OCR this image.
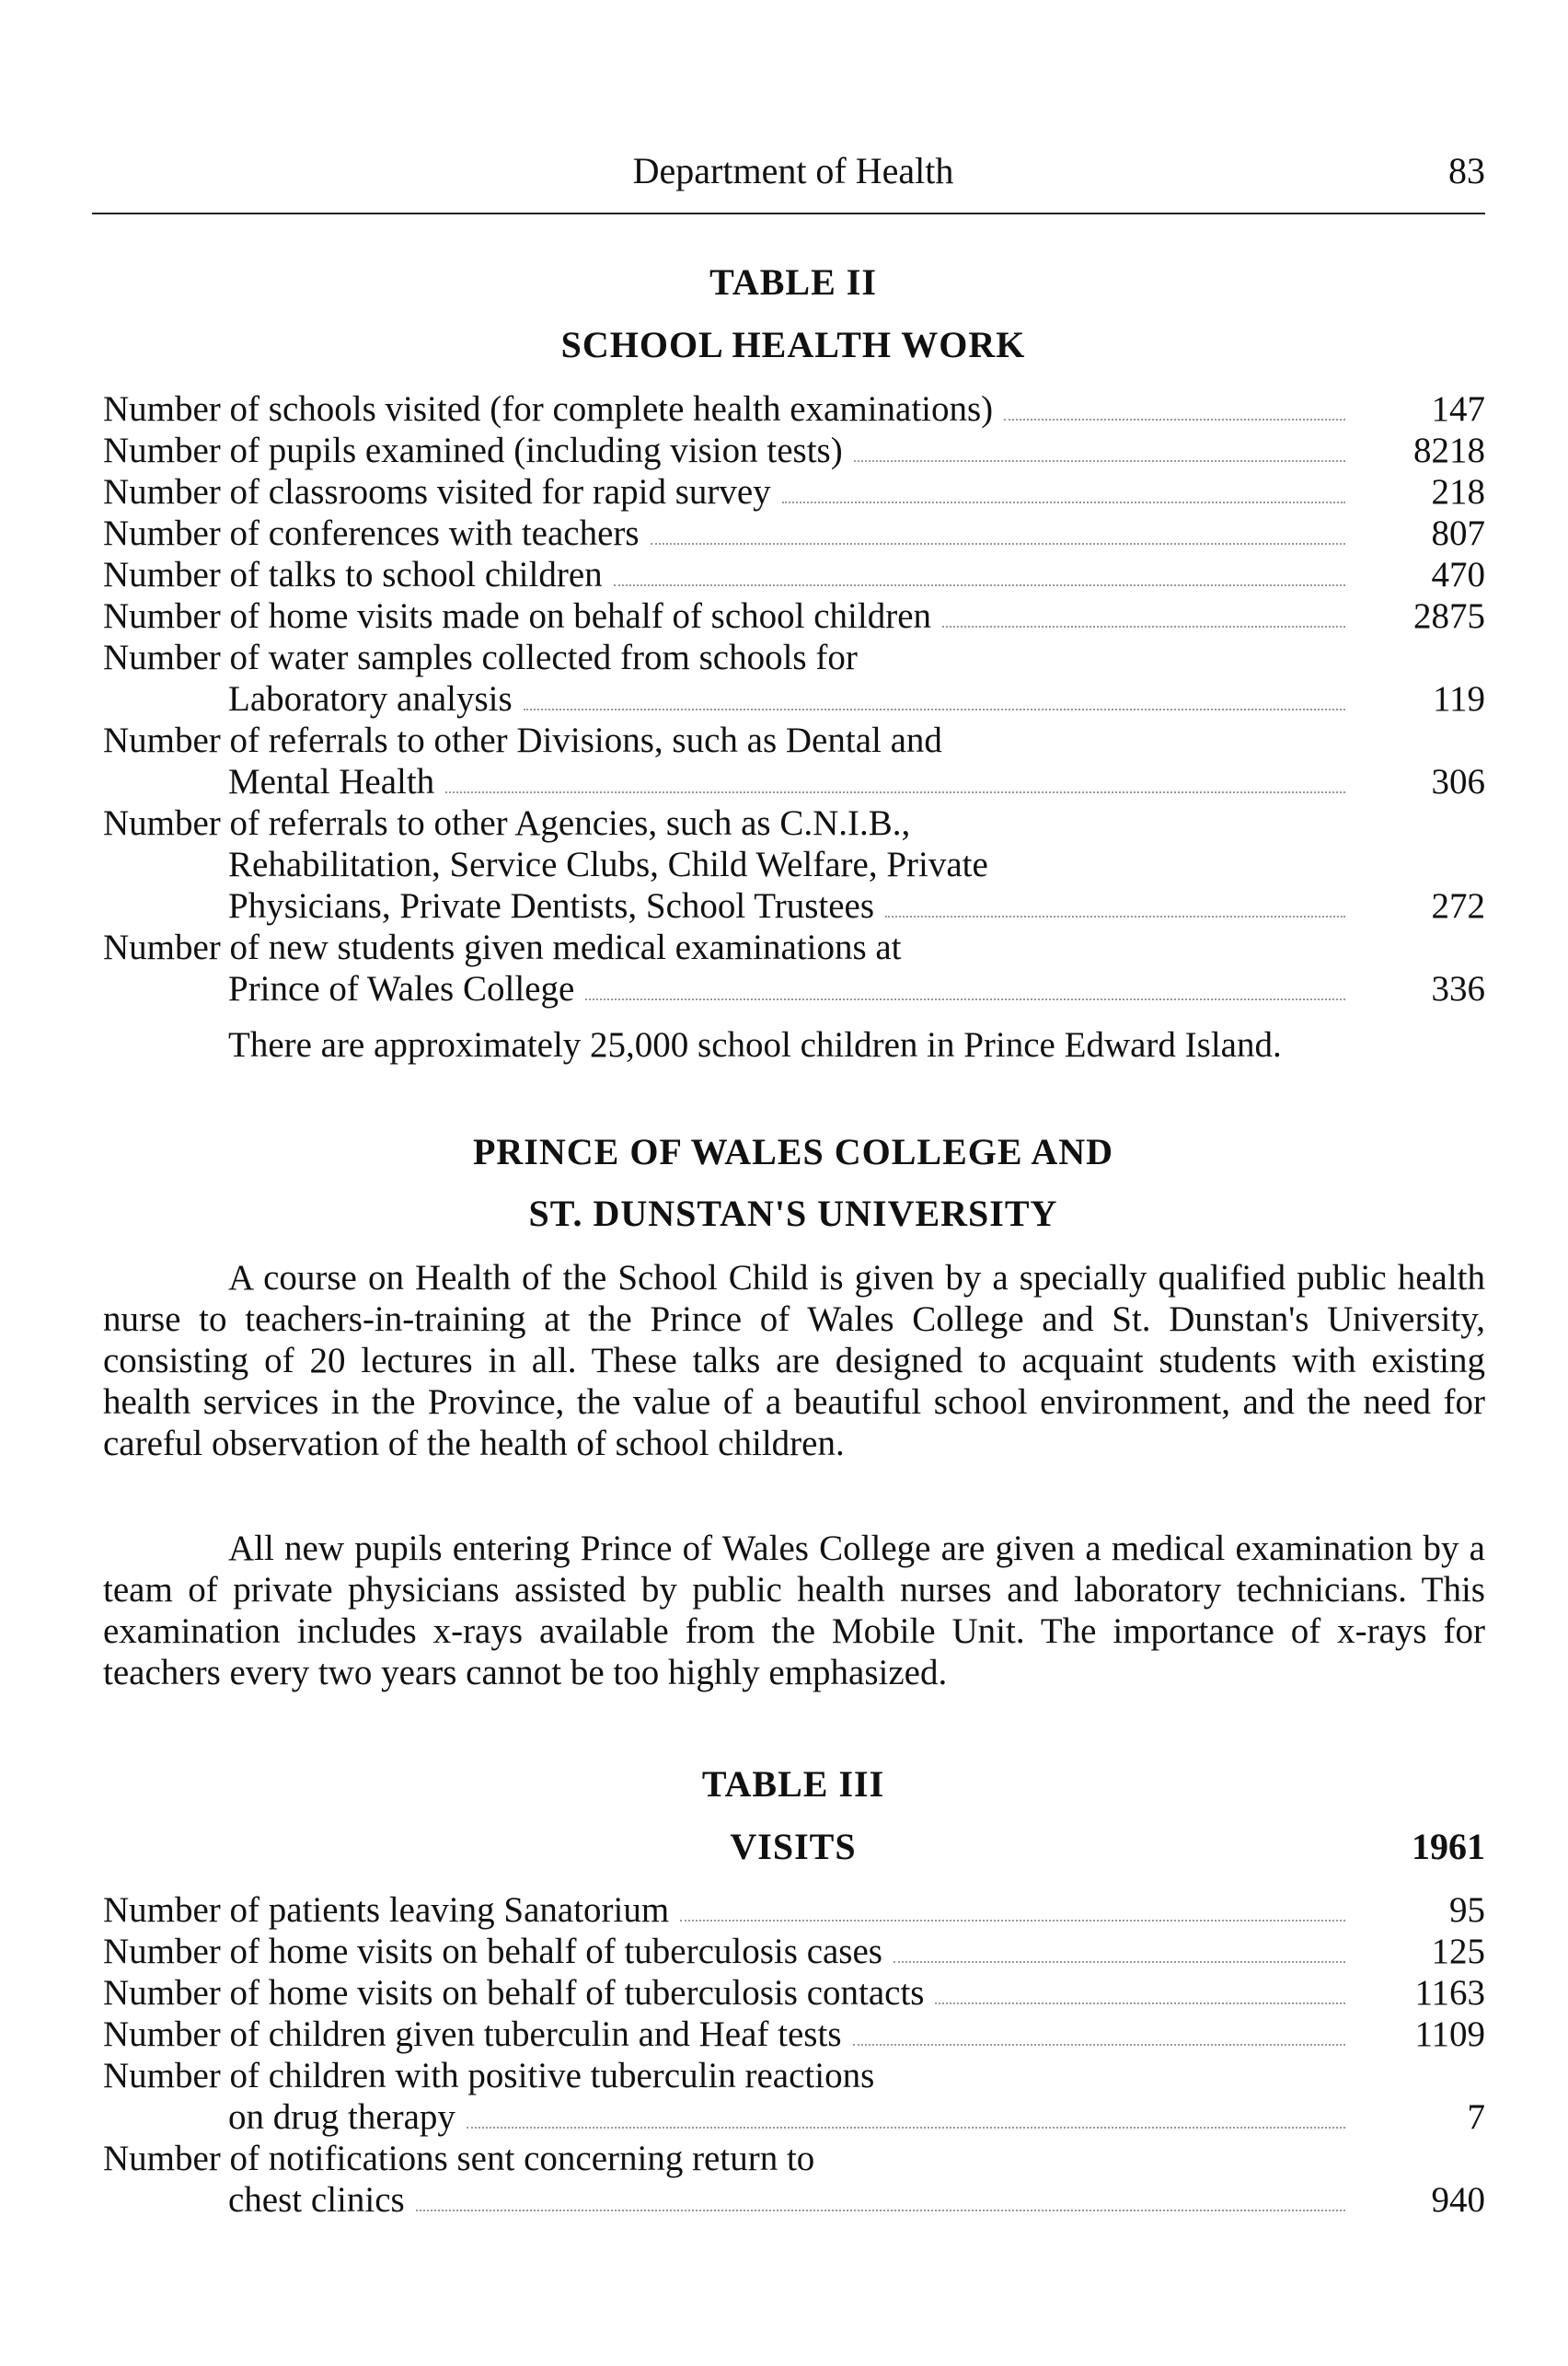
Department of Health	83
TABLE II
SCHOOL HEALTH WORK
Number of schools visited (for complete health examinations)	147
Number of pupils examined (including vision tests)	8218
Number of classrooms visited for rapid survey	218
Number of conferences with teachers	807
Number of talks to school children	470
Number of home visits made on behalf of school children	2875
Number of water samples collected from schools for
Laboratory analysis	119
Number of referrals to other Divisions, such as Dental and
Mental Health	306
Number of referrals to other Agencies, such as C.N.I.B.,
Rehabilitation, Service Clubs, Child Welfare, Private
Physicians, Private Dentists, School Trustees	272
Number of new students given medical examinations at
Prince of Wales College	336
There are approximately 25,000 school children in Prince Edward Island.
PRINCE OF WALES COLLEGE AND
ST. DUNSTAN'S UNIVERSITY
A course on Health of the School Child is given by a specially qualified public health nurse to teachers-in-training at the Prince of Wales College and St. Dunstan's University, consisting of 20 lectures in all. These talks are designed to acquaint students with existing health services in the Province, the value of a beautiful school environment, and the need for careful observation of the health of school children.
All new pupils entering Prince of Wales College are given a medical examination by a team of private physicians assisted by public health nurses and laboratory technicians. This examination includes x-rays available from the Mobile Unit. The importance of x-rays for teachers every two years cannot be too highly emphasized.
TABLE III
VISITS	1961
Number of patients leaving Sanatorium	95
Number of home visits on behalf of tuberculosis cases	125
Number of home visits on behalf of tuberculosis contacts	1163
Number of children given tuberculin and Heaf tests	1109
Number of children with positive tuberculin reactions
on drug therapy	7
Number of notifications sent concerning return to
chest clinics	940
